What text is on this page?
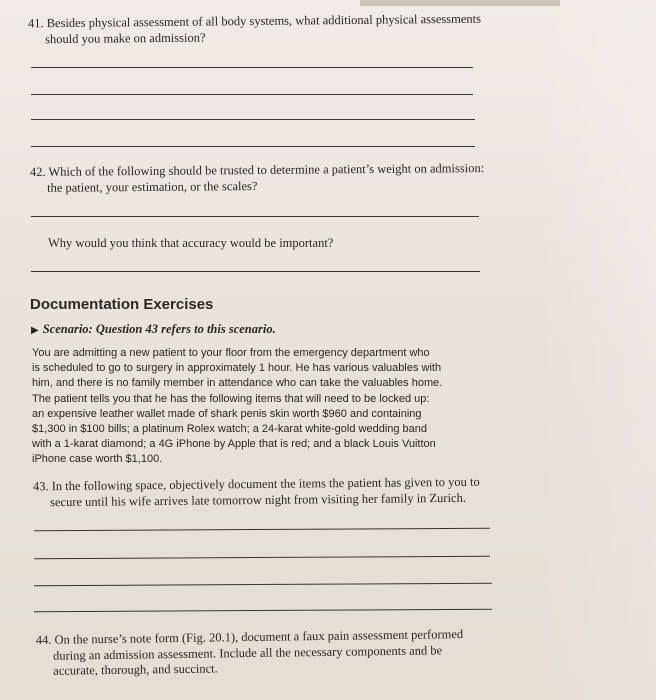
41. Besides physical assessment of all body systems, what additional physical assessments
should you make on admission?
42. Which of the following should be trusted to determine a patient’s weight on admission:
the patient, your estimation, or the scales?
Why would you think that accuracy would be important?
Documentation Exercises
▶ Scenario: Question 43 refers to this scenario.
You are admitting a new patient to your floor from the emergency department who
is scheduled to go to surgery in approximately 1 hour. He has various valuables with
him, and there is no family member in attendance who can take the valuables home.
The patient tells you that he has the following items that will need to be locked up:
an expensive leather wallet made of shark penis skin worth $960 and containing
$1,300 in $100 bills; a platinum Rolex watch; a 24-karat white-gold wedding band
with a 1-karat diamond; a 4G iPhone by Apple that is red; and a black Louis Vuitton
iPhone case worth $1,100.
43. In the following space, objectively document the items the patient has given to you to
secure until his wife arrives late tomorrow night from visiting her family in Zurich.
44. On the nurse’s note form (Fig. 20.1), document a faux pain assessment performed
during an admission assessment. Include all the necessary components and be
accurate, thorough, and succinct.
